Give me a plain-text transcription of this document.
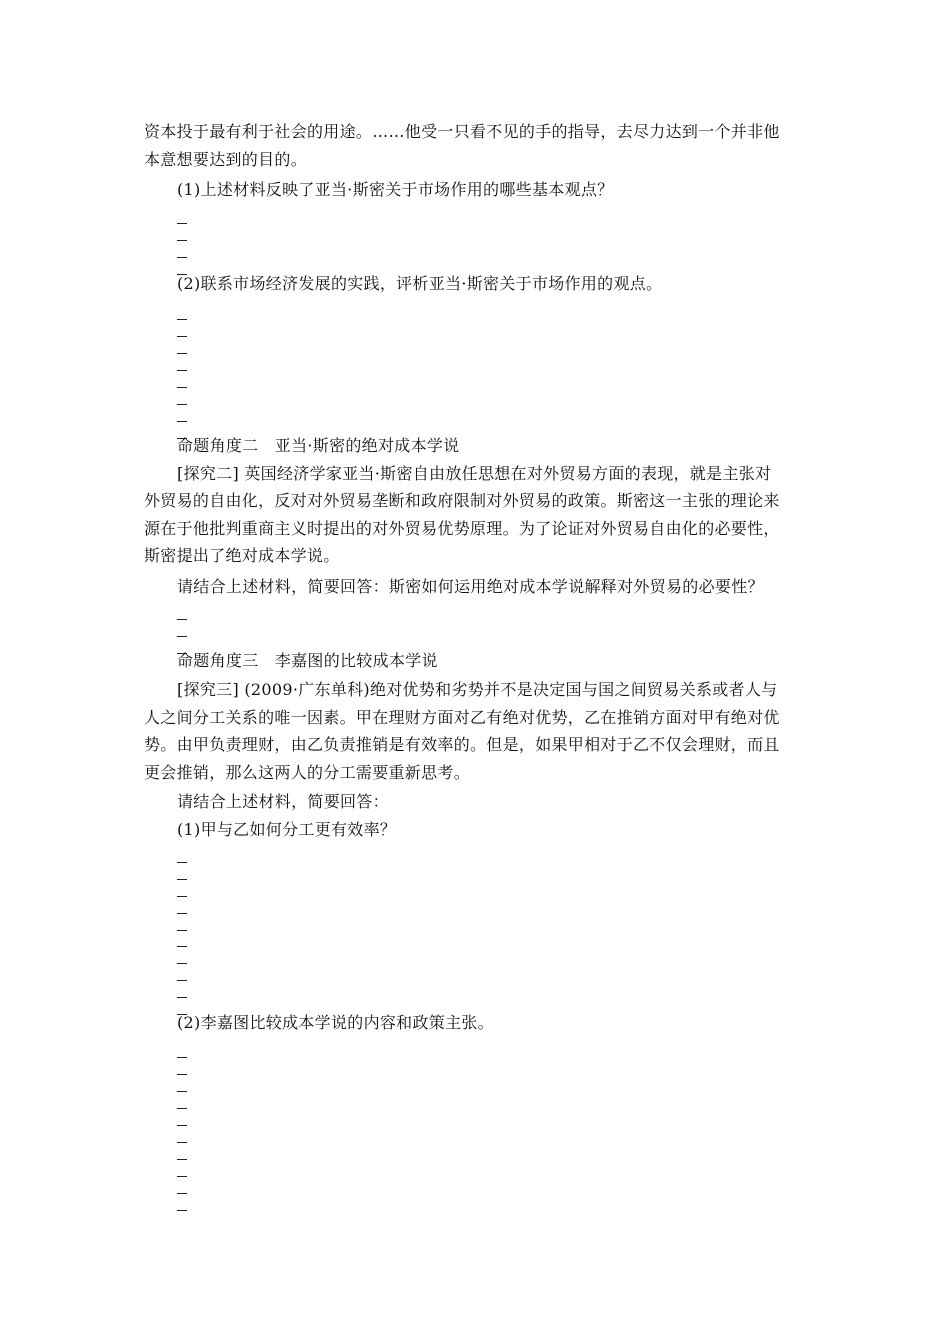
资本投于最有利于社会的用途。……他受一只看不见的手的指导，去尽力达到一个并非他
本意想要达到的目的。
(1)上述材料反映了亚当·斯密关于市场作用的哪些基本观点？
(2)联系市场经济发展的实践，评析亚当·斯密关于市场作用的观点。
命题角度二　亚当·斯密的绝对成本学说
[探究二] 英国经济学家亚当·斯密自由放任思想在对外贸易方面的表现，就是主张对
外贸易的自由化，反对对外贸易垄断和政府限制对外贸易的政策。斯密这一主张的理论来
源在于他批判重商主义时提出的对外贸易优势原理。为了论证对外贸易自由化的必要性，
斯密提出了绝对成本学说。
请结合上述材料，简要回答：斯密如何运用绝对成本学说解释对外贸易的必要性？
命题角度三　李嘉图的比较成本学说
[探究三] (2009·广东单科)绝对优势和劣势并不是决定国与国之间贸易关系或者人与
人之间分工关系的唯一因素。甲在理财方面对乙有绝对优势，乙在推销方面对甲有绝对优
势。由甲负责理财，由乙负责推销是有效率的。但是，如果甲相对于乙不仅会理财，而且
更会推销，那么这两人的分工需要重新思考。
请结合上述材料，简要回答：
(1)甲与乙如何分工更有效率？
(2)李嘉图比较成本学说的内容和政策主张。
